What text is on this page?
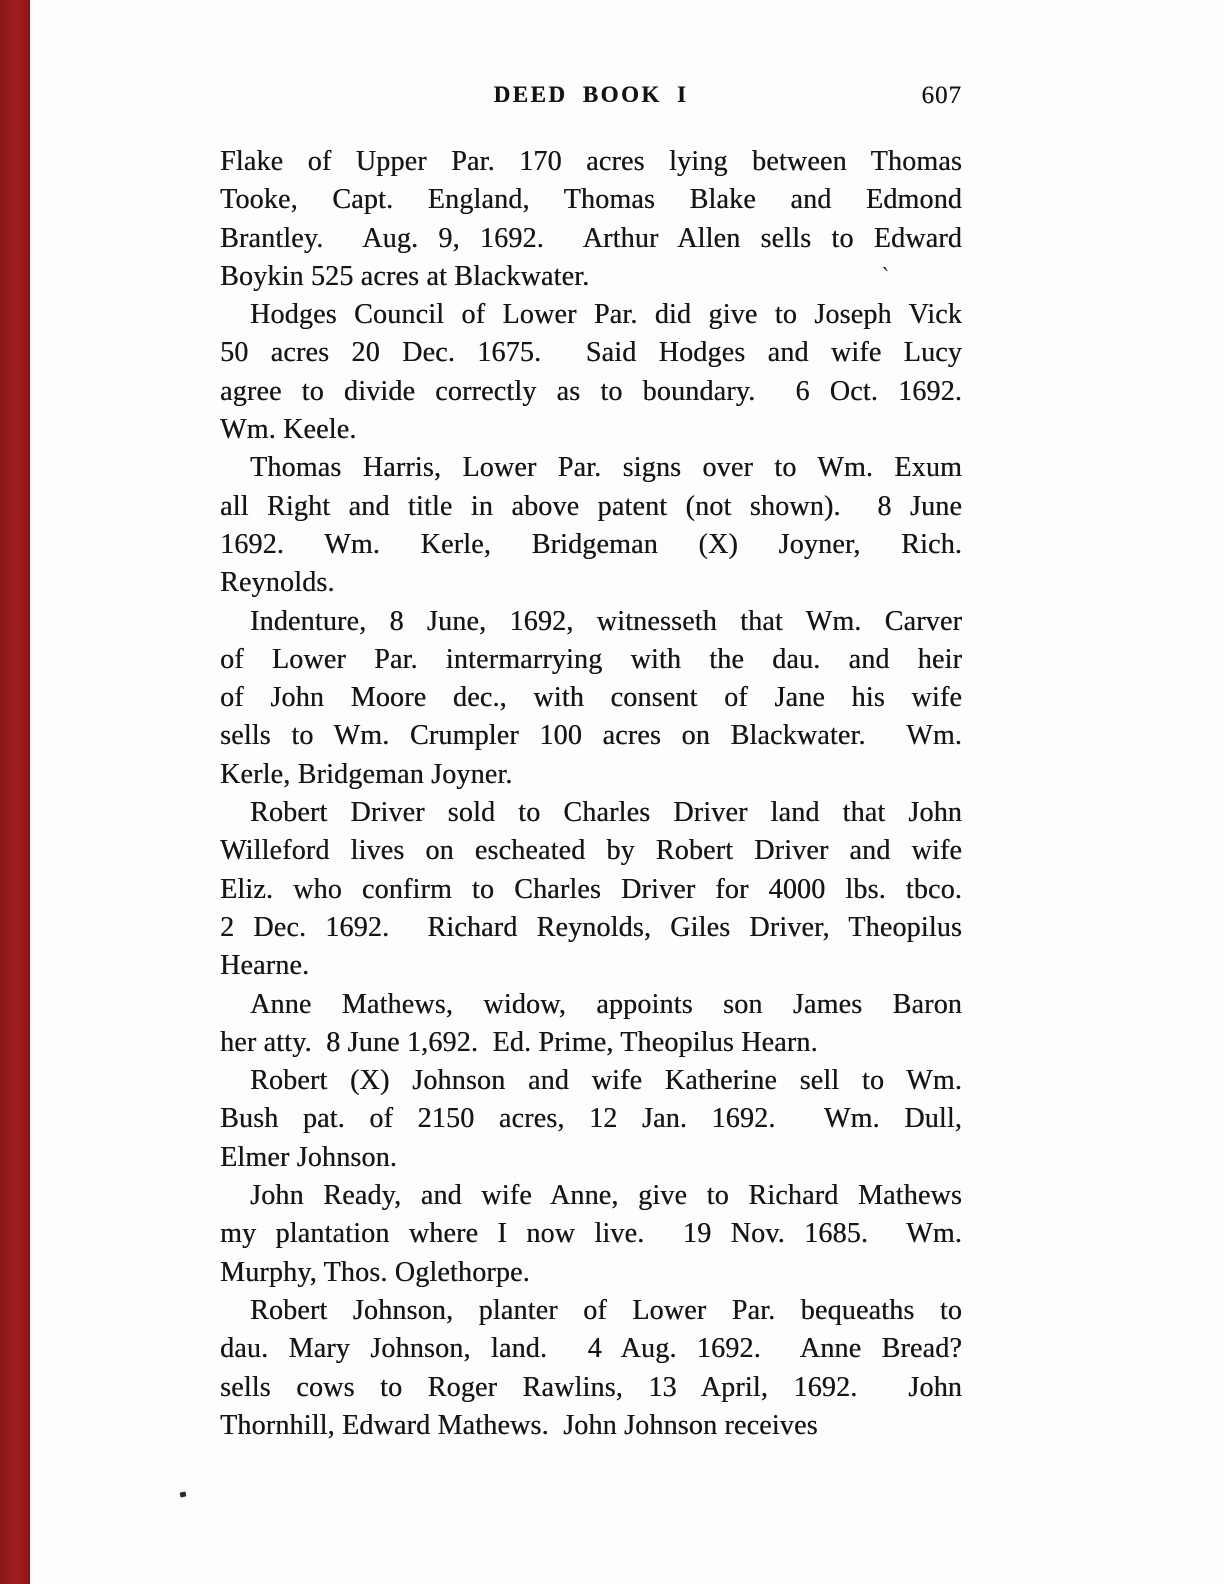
DEED BOOK I	607
Flake of Upper Par. 170 acres lying between Thomas
Tooke, Capt. England, Thomas Blake and Edmond
Brantley.  Aug. 9, 1692.  Arthur Allen sells to Edward
Boykin 525 acres at Blackwater.
Hodges Council of Lower Par. did give to Joseph Vick
50 acres 20 Dec. 1675.  Said Hodges and wife Lucy
agree to divide correctly as to boundary.  6 Oct. 1692.
Wm. Keele.
Thomas Harris, Lower Par. signs over to Wm. Exum
all Right and title in above patent (not shown).  8 June
1692.  Wm.  Kerle,  Bridgeman  (X)  Joyner,  Rich.
Reynolds.
Indenture, 8 June, 1692, witnesseth that Wm. Carver
of Lower Par. intermarrying with the dau. and heir
of John Moore dec., with consent of Jane his wife
sells to Wm. Crumpler 100 acres on Blackwater.  Wm.
Kerle, Bridgeman Joyner.
Robert Driver sold to Charles Driver land that John
Willeford lives on escheated by Robert Driver and wife
Eliz. who confirm to Charles Driver for 4000 lbs. tbco.
2 Dec. 1692.  Richard Reynolds, Giles Driver, Theopilus
Hearne.
Anne Mathews, widow, appoints son James Baron
her atty.  8 June 1,692.  Ed. Prime, Theopilus Hearn.
Robert (X) Johnson and wife Katherine sell to Wm.
Bush pat. of 2150 acres, 12 Jan. 1692.  Wm. Dull,
Elmer Johnson.
John Ready, and wife Anne, give to Richard Mathews
my plantation where I now live.  19 Nov. 1685.  Wm.
Murphy, Thos. Oglethorpe.
Robert Johnson, planter of Lower Par. bequeaths to
dau. Mary Johnson, land.  4 Aug. 1692.  Anne Bread?
sells cows to Roger Rawlins, 13 April, 1692.  John
Thornhill, Edward Mathews.  John Johnson receives
`
